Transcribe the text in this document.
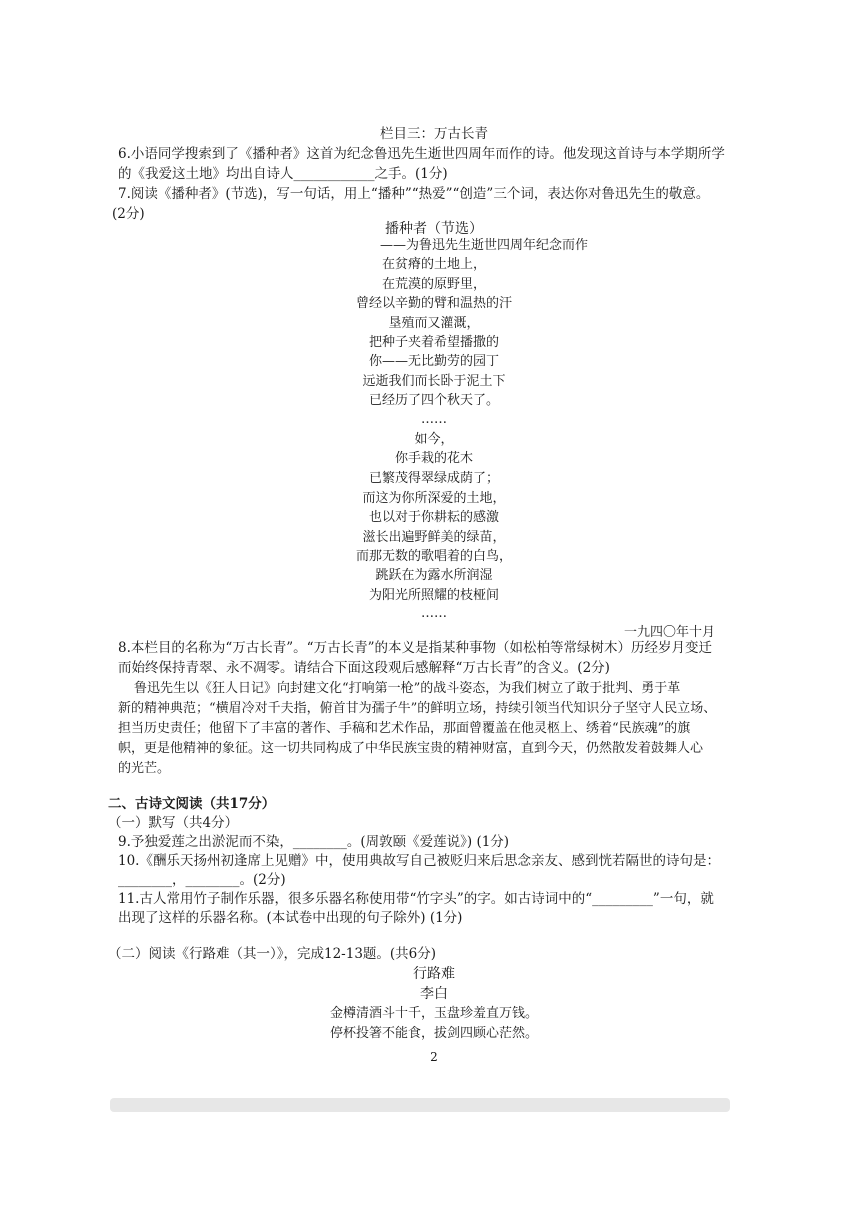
栏目三：万古长青
6.小语同学搜索到了《播种者》这首为纪念鲁迅先生逝世四周年而作的诗。他发现这首诗与本学期所学
的《我爱这土地》均出自诗人____________之手。(1分)
7.阅读《播种者》(节选)，写一句话，用上“播种”“热爱”“创造”三个词，表达你对鲁迅先生的敬意。
(2分)
播种者（节选）
——为鲁迅先生逝世四周年纪念而作
在贫瘠的土地上，
在荒漠的原野里，
曾经以辛勤的臂和温热的汗
垦殖而又灌溉，
把种子夹着希望播撒的
你——无比勤劳的园丁
远逝我们而长卧于泥土下
已经历了四个秋天了。
……
如今，
你手栽的花木
已繁茂得翠绿成荫了；
而这为你所深爱的土地，
也以对于你耕耘的感激
滋长出遍野鲜美的绿苗，
而那无数的歌唱着的白鸟，
跳跃在为露水所润湿
为阳光所照耀的枝桠间
……
一九四〇年十月
8.本栏目的名称为“万古长青”。“万古长青”的本义是指某种事物（如松柏等常绿树木）历经岁月变迁
而始终保持青翠、永不凋零。请结合下面这段观后感解释“万古长青”的含义。(2分)
鲁迅先生以《狂人日记》向封建文化“打响第一枪”的战斗姿态，为我们树立了敢于批判、勇于革
新的精神典范；“横眉冷对千夫指，俯首甘为孺子牛”的鲜明立场，持续引领当代知识分子坚守人民立场、
担当历史责任；他留下了丰富的著作、手稿和艺术作品，那面曾覆盖在他灵柩上、绣着“民族魂”的旗
帜，更是他精神的象征。这一切共同构成了中华民族宝贵的精神财富，直到今天，仍然散发着鼓舞人心
的光芒。
二、古诗文阅读（共17分）
（一）默写（共4分）
9.予独爱莲之出淤泥而不染，________。(周敦颐《爱莲说》) (1分)
10.《酬乐天扬州初逢席上见赠》中，使用典故写自己被贬归来后思念亲友、感到恍若隔世的诗句是：
________，________。(2分)
11.古人常用竹子制作乐器，很多乐器名称使用带“竹字头”的字。如古诗词中的“_________”一句，就
出现了这样的乐器名称。(本试卷中出现的句子除外) (1分)
（二）阅读《行路难（其一）》，完成12-13题。(共6分)
行路难
李白
金樽清酒斗十千，玉盘珍羞直万钱。
停杯投箸不能食，拔剑四顾心茫然。
2
